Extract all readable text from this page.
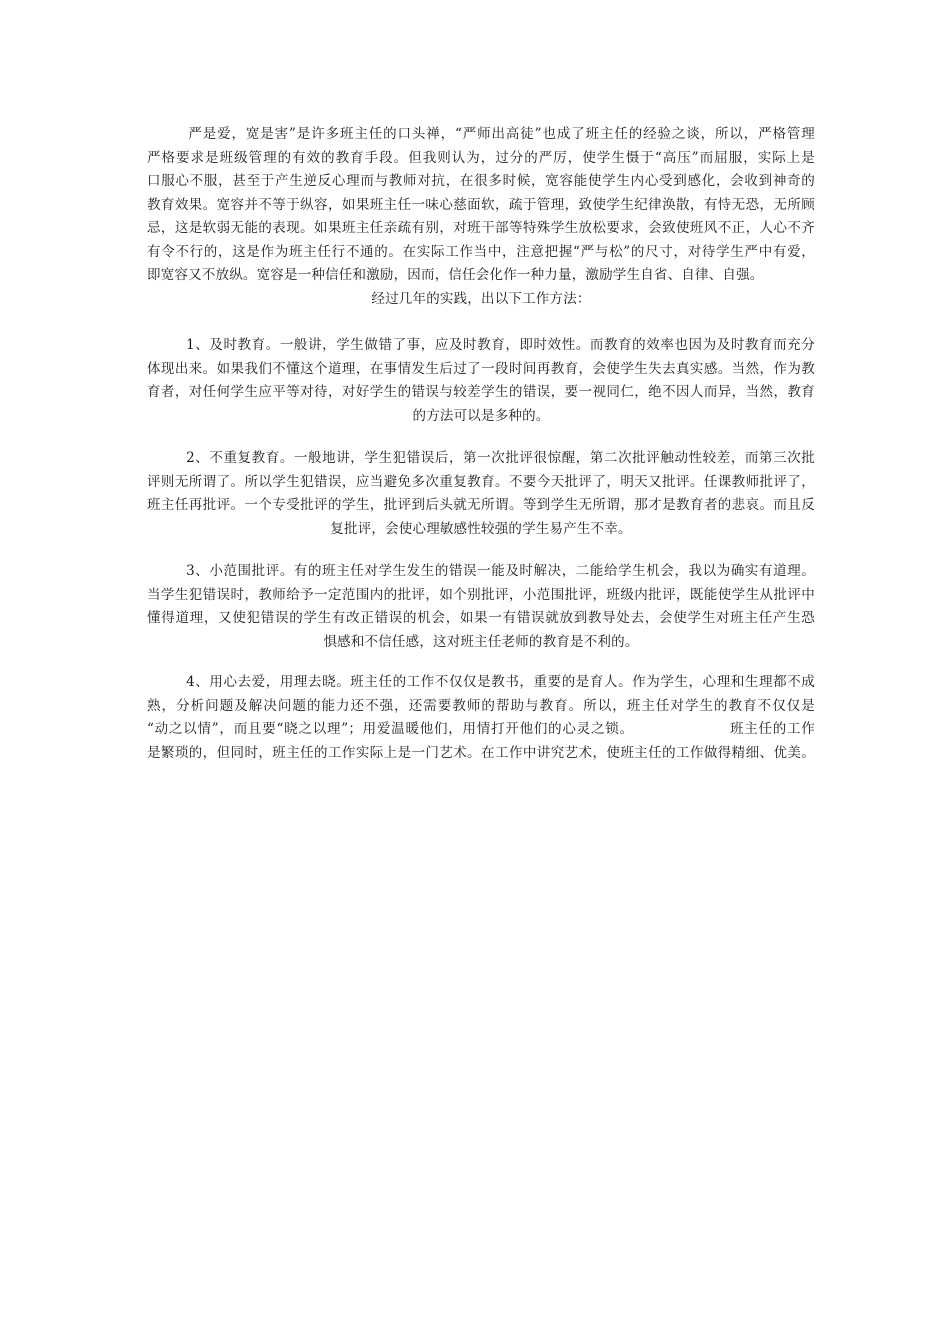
严是爱，宽是害”是许多班主任的口头禅，“严师出高徒”也成了班主任的经验之谈，所以，严格管理
严格要求是班级管理的有效的教育手段。但我则认为，过分的严厉，使学生慑于“高压”而屈服，实际上是
口服心不服，甚至于产生逆反心理而与教师对抗，在很多时候，宽容能使学生内心受到感化，会收到神奇的
教育效果。宽容并不等于纵容，如果班主任一味心慈面软，疏于管理，致使学生纪律涣散，有恃无恐，无所顾
忌，这是软弱无能的表现。如果班主任亲疏有别，对班干部等特殊学生放松要求，会致使班风不正，人心不齐
有令不行的，这是作为班主任行不通的。在实际工作当中，注意把握“严与松”的尺寸，对待学生严中有爱，
即宽容又不放纵。宽容是一种信任和激励，因而，信任会化作一种力量，激励学生自省、自律、自强。
经过几年的实践，出以下工作方法：
1、及时教育。一般讲，学生做错了事，应及时教育，即时效性。而教育的效率也因为及时教育而充分
体现出来。如果我们不懂这个道理，在事情发生后过了一段时间再教育，会使学生失去真实感。当然，作为教
育者，对任何学生应平等对待，对好学生的错误与较差学生的错误，要一视同仁，绝不因人而异，当然，教育
的方法可以是多种的。
2、不重复教育。一般地讲，学生犯错误后，第一次批评很惊醒，第二次批评触动性较差，而第三次批
评则无所谓了。所以学生犯错误，应当避免多次重复教育。不要今天批评了，明天又批评。任课教师批评了，
班主任再批评。一个专受批评的学生，批评到后头就无所谓。等到学生无所谓，那才是教育者的悲哀。而且反
复批评，会使心理敏感性较强的学生易产生不幸。
3、小范围批评。有的班主任对学生发生的错误一能及时解决，二能给学生机会，我以为确实有道理。
当学生犯错误时，教师给予一定范围内的批评，如个别批评，小范围批评，班级内批评，既能使学生从批评中
懂得道理，又使犯错误的学生有改正错误的机会，如果一有错误就放到教导处去，会使学生对班主任产生恐
惧感和不信任感，这对班主任老师的教育是不利的。
4、用心去爱，用理去晓。班主任的工作不仅仅是教书，重要的是育人。作为学生，心理和生理都不成
熟，分析问题及解决问题的能力还不强，还需要教师的帮助与教育。所以，班主任对学生的教育不仅仅是
“动之以情”，而且要“晓之以理”；用爱温暖他们，用情打开他们的心灵之锁。                   班主任的工作
是繁琐的，但同时，班主任的工作实际上是一门艺术。在工作中讲究艺术，使班主任的工作做得精细、优美。
